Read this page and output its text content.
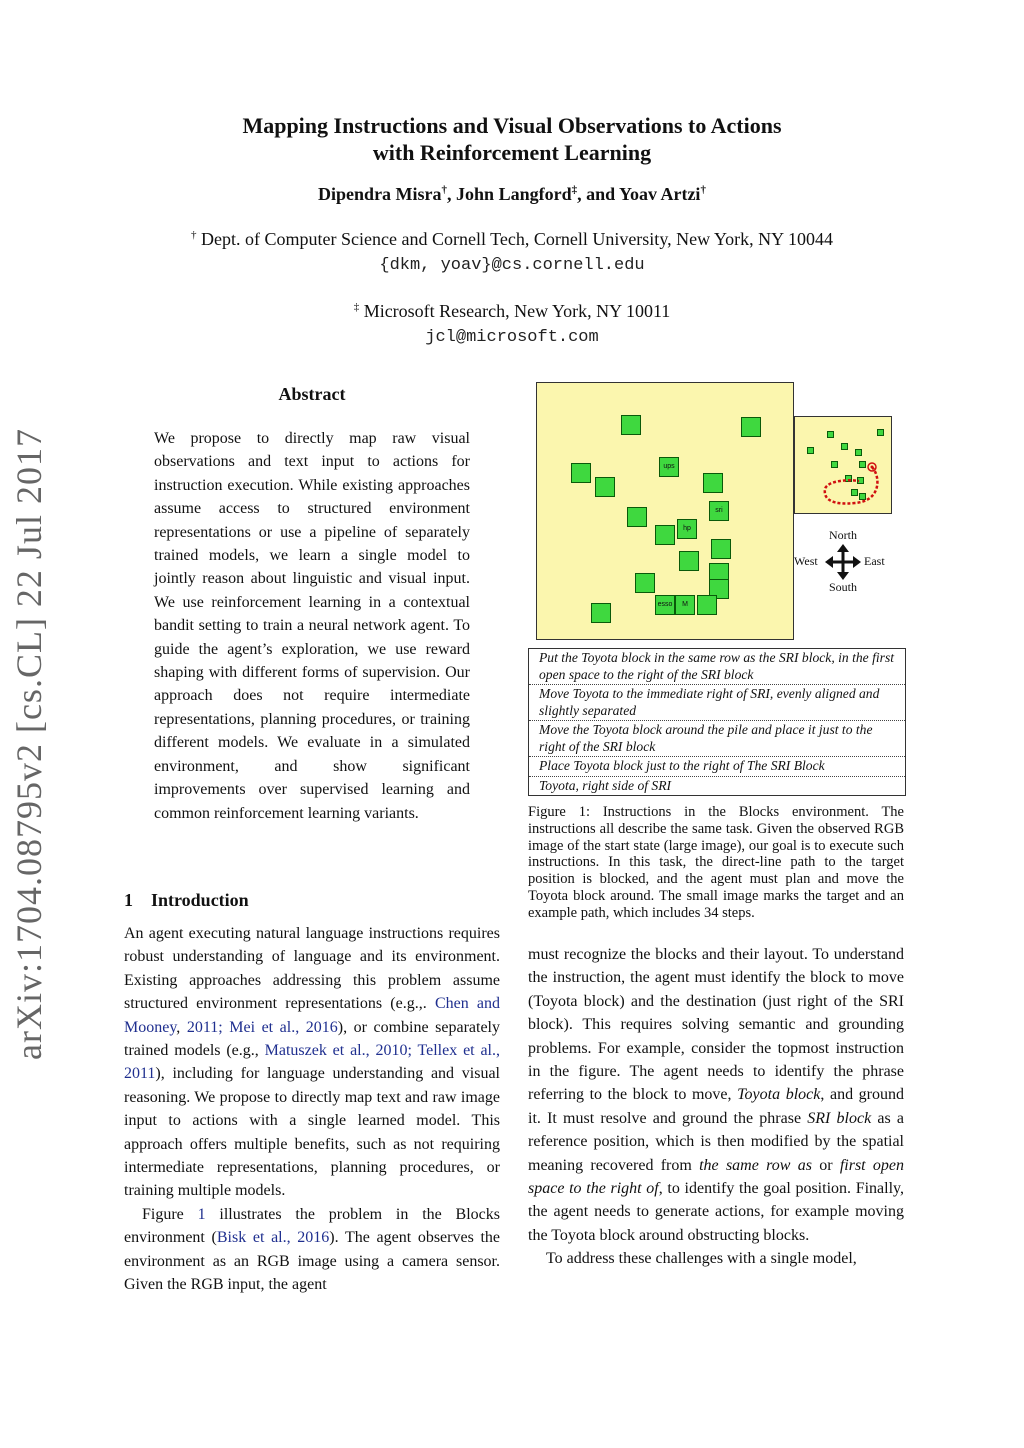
Mapping Instructions and Visual Observations to Actions
with Reinforcement Learning
Dipendra Misra†, John Langford‡, and Yoav Artzi†
† Dept. of Computer Science and Cornell Tech, Cornell University, New York, NY 10044
{dkm, yoav}@cs.cornell.edu
‡ Microsoft Research, New York, NY 10011
jcl@microsoft.com
arXiv:1704.08795v2 [cs.CL] 22 Jul 2017
Abstract
We propose to directly map raw visual observations and text input to actions for instruction execution. While existing approaches assume access to structured environment representations or use a pipeline of separately trained models, we learn a single model to jointly reason about linguistic and visual input. We use reinforcement learning in a contextual bandit setting to train a neural network agent. To guide the agent’s exploration, we use reward shaping with different forms of supervision. Our approach does not require intermediate representations, planning procedures, or training different models. We evaluate in a simulated environment, and show significant improvements over supervised learning and common reinforcement learning variants.
1 Introduction

An agent executing natural language instructions requires robust understanding of language and its environment. Existing approaches addressing this problem assume structured environment representations (e.g.,. Chen and Mooney, 2011; Mei et al., 2016), or combine separately trained models (e.g., Matuszek et al., 2010; Tellex et al., 2011), including for language understanding and visual reasoning. We propose to directly map text and raw image input to actions with a single learned model. This approach offers multiple benefits, such as not requiring intermediate representations, planning procedures, or training multiple models.

Figure 1 illustrates the problem in the Blocks environment (Bisk et al., 2016). The agent observes the environment as an RGB image using a camera sensor. Given the RGB input, the agent

ups
sri
hp
esso	M
North
West	East
South
Put the Toyota block in the same row as the SRI block, in the first open space to the right of the SRI block
Move Toyota to the immediate right of SRI, evenly aligned and slightly separated
Move the Toyota block around the pile and place it just to the right of the SRI block
Place Toyota block just to the right of The SRI Block
Toyota, right side of SRI
Figure 1: Instructions in the Blocks environment. The instructions all describe the same task. Given the observed RGB image of the start state (large image), our goal is to execute such instructions. In this task, the direct-line path to the target position is blocked, and the agent must plan and move the Toyota block around. The small image marks the target and an example path, which includes 34 steps.

must recognize the blocks and their layout. To understand the instruction, the agent must identify the block to move (Toyota block) and the destination (just right of the SRI block). This requires solving semantic and grounding problems. For example, consider the topmost instruction in the figure. The agent needs to identify the phrase referring to the block to move, Toyota block, and ground it. It must resolve and ground the phrase SRI block as a reference position, which is then modified by the spatial meaning recovered from the same row as or first open space to the right of, to identify the goal position. Finally, the agent needs to generate actions, for example moving the Toyota block around obstructing blocks.

To address these challenges with a single model,
